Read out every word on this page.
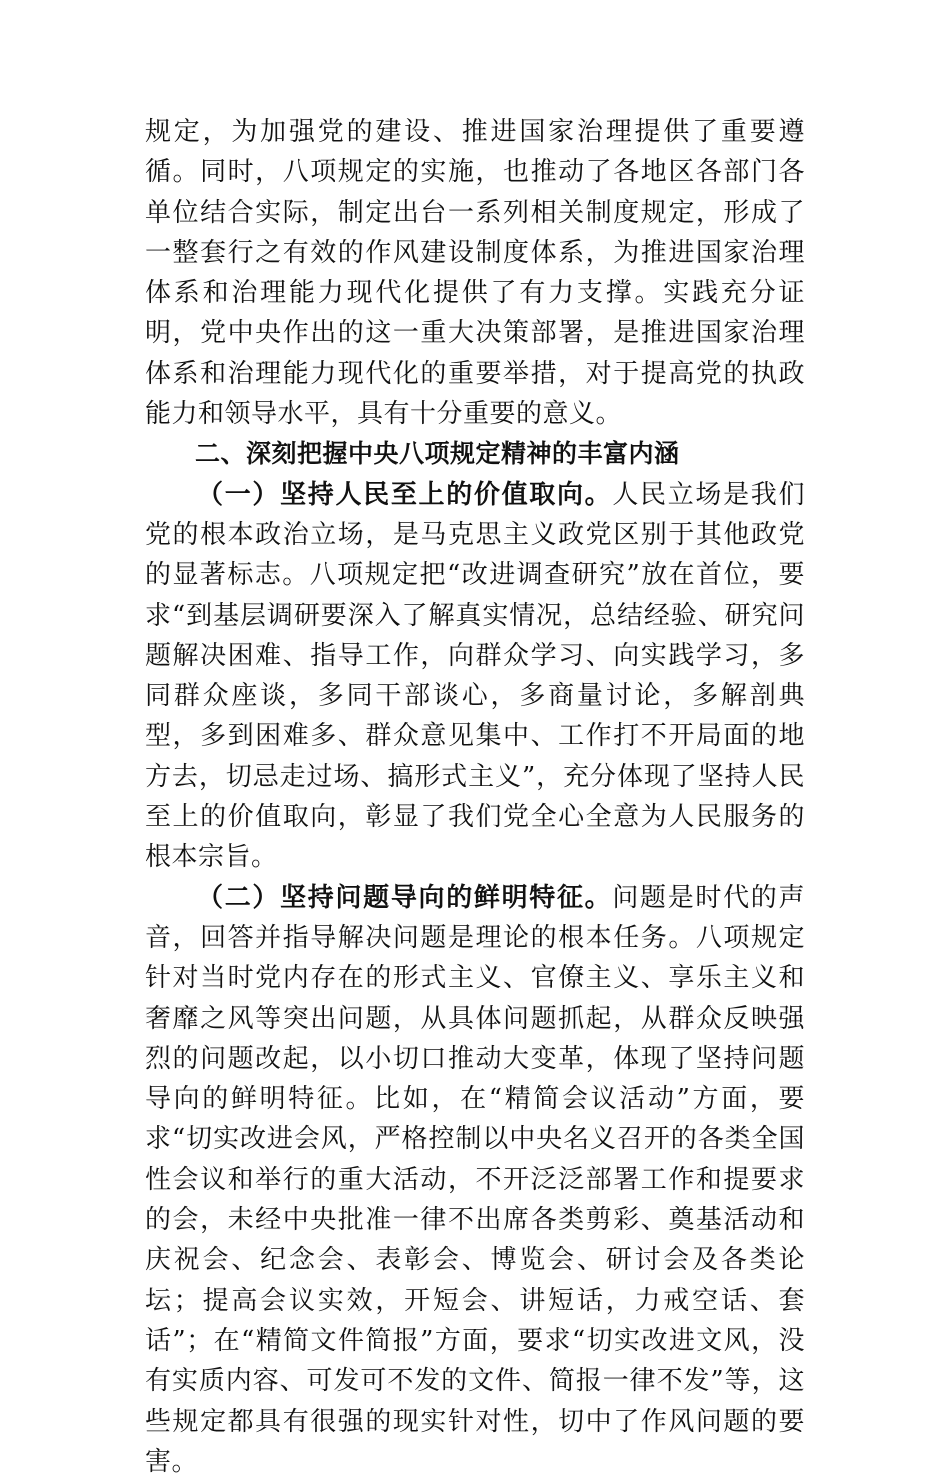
规定，为加强党的建设、推进国家治理提供了重要遵循。同时，八项规定的实施，也推动了各地区各部门各单位结合实际，制定出台一系列相关制度规定，形成了一整套行之有效的作风建设制度体系，为推进国家治理体系和治理能力现代化提供了有力支撑。实践充分证明，党中央作出的这一重大决策部署，是推进国家治理体系和治理能力现代化的重要举措，对于提高党的执政能力和领导水平，具有十分重要的意义。

二、深刻把握中央八项规定精神的丰富内涵

（一）坚持人民至上的价值取向。人民立场是我们党的根本政治立场，是马克思主义政党区别于其他政党的显著标志。八项规定把“改进调查研究”放在首位，要求“到基层调研要深入了解真实情况，总结经验、研究问题解决困难、指导工作，向群众学习、向实践学习，多同群众座谈，多同干部谈心，多商量讨论，多解剖典型，多到困难多、群众意见集中、工作打不开局面的地方去，切忌走过场、搞形式主义”，充分体现了坚持人民至上的价值取向，彰显了我们党全心全意为人民服务的根本宗旨。

（二）坚持问题导向的鲜明特征。问题是时代的声音，回答并指导解决问题是理论的根本任务。八项规定针对当时党内存在的形式主义、官僚主义、享乐主义和奢靡之风等突出问题，从具体问题抓起，从群众反映强烈的问题改起，以小切口推动大变革，体现了坚持问题导向的鲜明特征。比如，在“精简会议活动”方面，要求“切实改进会风，严格控制以中央名义召开的各类全国性会议和举行的重大活动，不开泛泛部署工作和提要求的会，未经中央批准一律不出席各类剪彩、奠基活动和庆祝会、纪念会、表彰会、博览会、研讨会及各类论坛；提高会议实效，开短会、讲短话，力戒空话、套话”；在“精简文件简报”方面，要求“切实改进文风，没有实质内容、可发可不发的文件、简报一律不发”等，这些规定都具有很强的现实针对性，切中了作风问题的要害。
